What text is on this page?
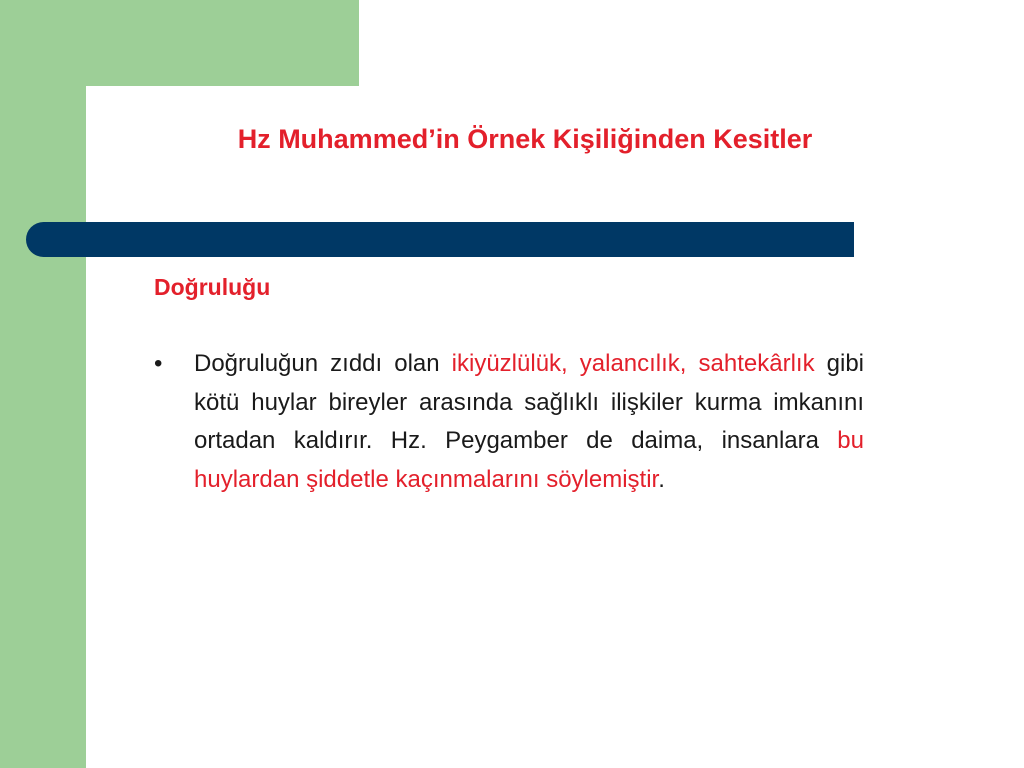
Hz Muhammed’in Örnek Kişiliğinden Kesitler
Doğruluğu
•	Doğruluğun zıddı olan ikiyüzlülük, yalancılık, sahtekârlık gibi kötü huylar bireyler arasında sağlıklı ilişkiler kurma imkanını ortadan kaldırır. Hz. Peygamber de daima, insanlara bu huylardan şiddetle kaçınmalarını söylemiştir.
